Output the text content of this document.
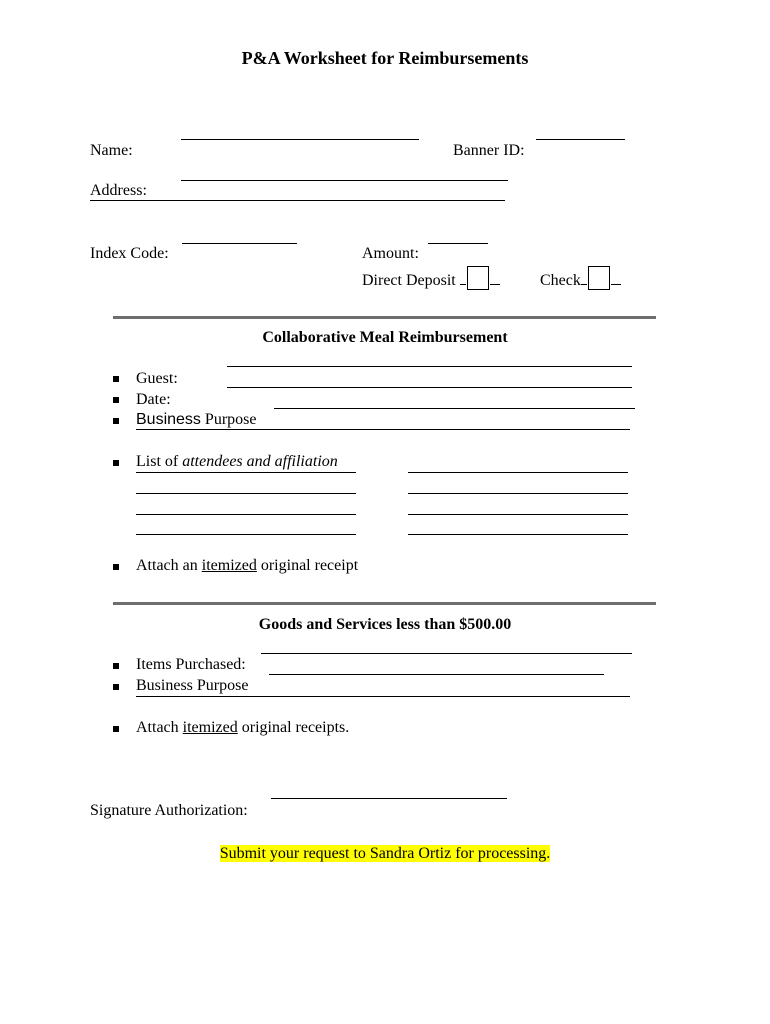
P&A Worksheet for Reimbursements
Name:	Banner ID:
Address:
Index Code:	Amount:
Direct Deposit	Check
Collaborative Meal Reimbursement
Guest:
Date:
Business Purpose
List of attendees and affiliation
Attach an itemized original receipt
Goods and Services less than $500.00
Items Purchased:
Business Purpose
Attach itemized original receipts.
Signature Authorization:
Submit your request to Sandra Ortiz for processing.
